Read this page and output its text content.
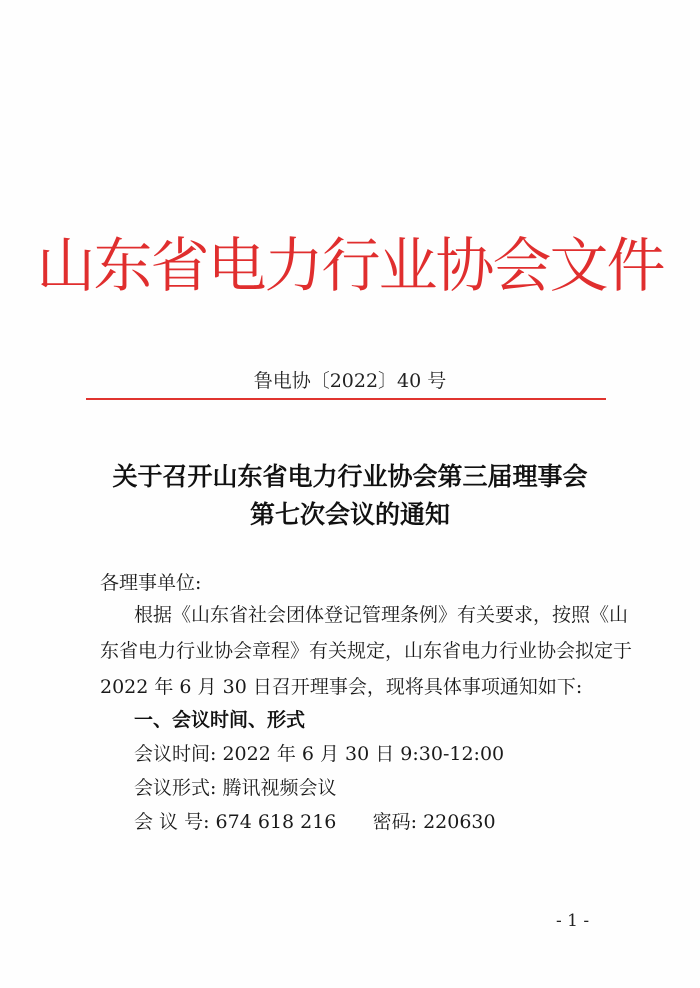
山东省电力行业协会文件
鲁电协〔2022〕40 号
关于召开山东省电力行业协会第三届理事会
第七次会议的通知
各理事单位:
根据《山东省社会团体登记管理条例》有关要求，按照《山
东省电力行业协会章程》有关规定，山东省电力行业协会拟定于
2022 年 6 月 30 日召开理事会，现将具体事项通知如下:
一、会议时间、形式
会议时间: 2022 年 6 月 30 日 9:30-12:00
会议形式: 腾讯视频会议
会 议 号: 674 618 216      密码: 220630
- 1 -
